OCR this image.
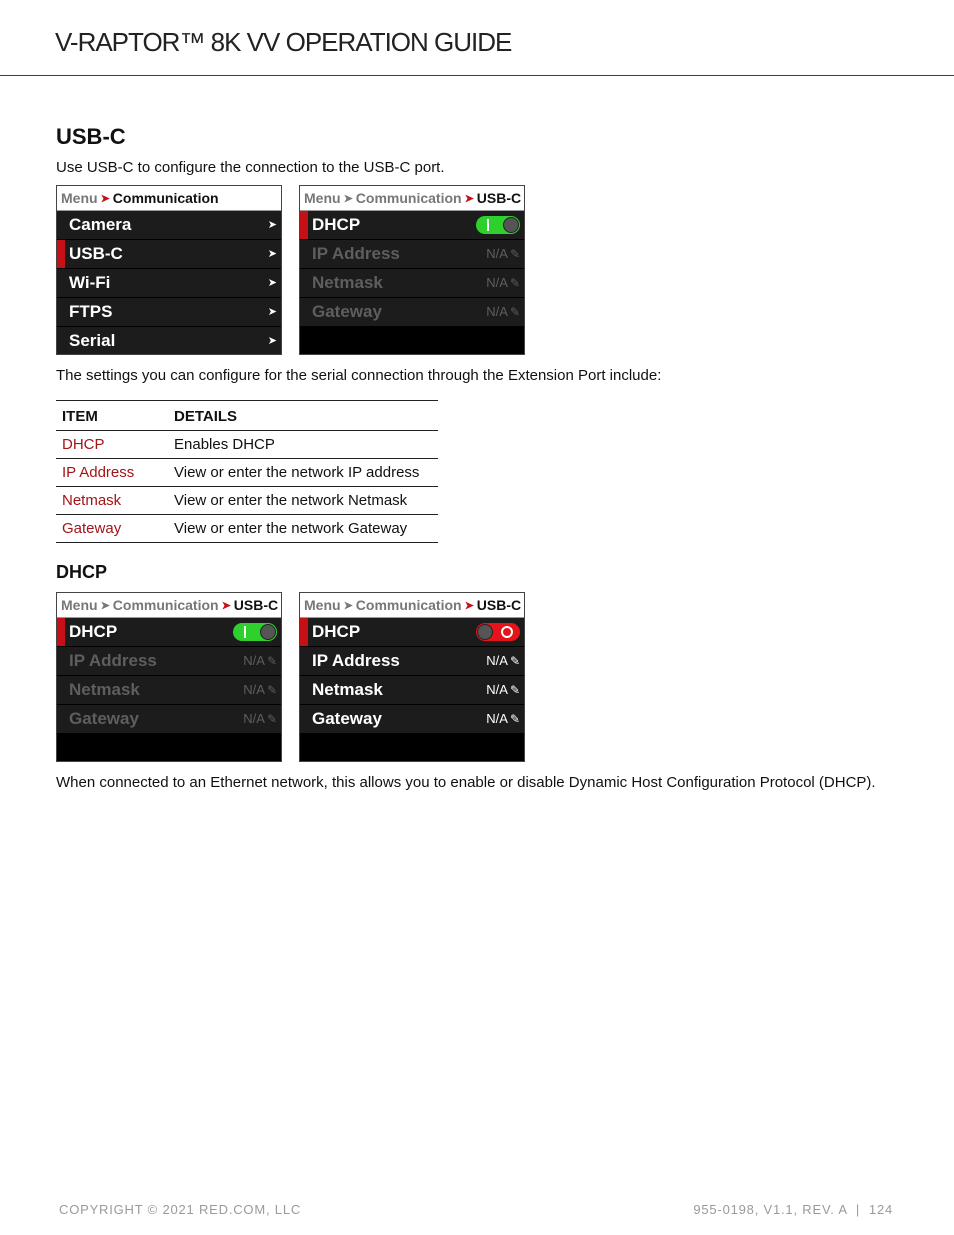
V-RAPTOR™ 8K VV OPERATION GUIDE
USB-C
Use USB-C to configure the connection to the USB-C port.
Menu ➤ Communication
Camera	➤
USB-C	➤
Wi-Fi	➤
FTPS	➤
Serial	➤
Menu ➤ Communication ➤ USB-C
DHCP
IP Address	N/A ✎
Netmask	N/A ✎
Gateway	N/A ✎
The settings you can configure for the serial connection through the Extension Port include:
ITEM	DETAILS
DHCP	Enables DHCP
IP Address	View or enter the network IP address
Netmask	View or enter the network Netmask
Gateway	View or enter the network Gateway
DHCP
Menu ➤ Communication ➤ USB-C
DHCP
IP Address	N/A ✎
Netmask	N/A ✎
Gateway	N/A ✎
Menu ➤ Communication ➤ USB-C
DHCP
IP Address	N/A ✎
Netmask	N/A ✎
Gateway	N/A ✎
When connected to an Ethernet network, this allows you to enable or disable Dynamic Host Configuration Protocol (DHCP).
COPYRIGHT © 2021 RED.COM, LLC	955-0198, V1.1, REV. A  |  124
